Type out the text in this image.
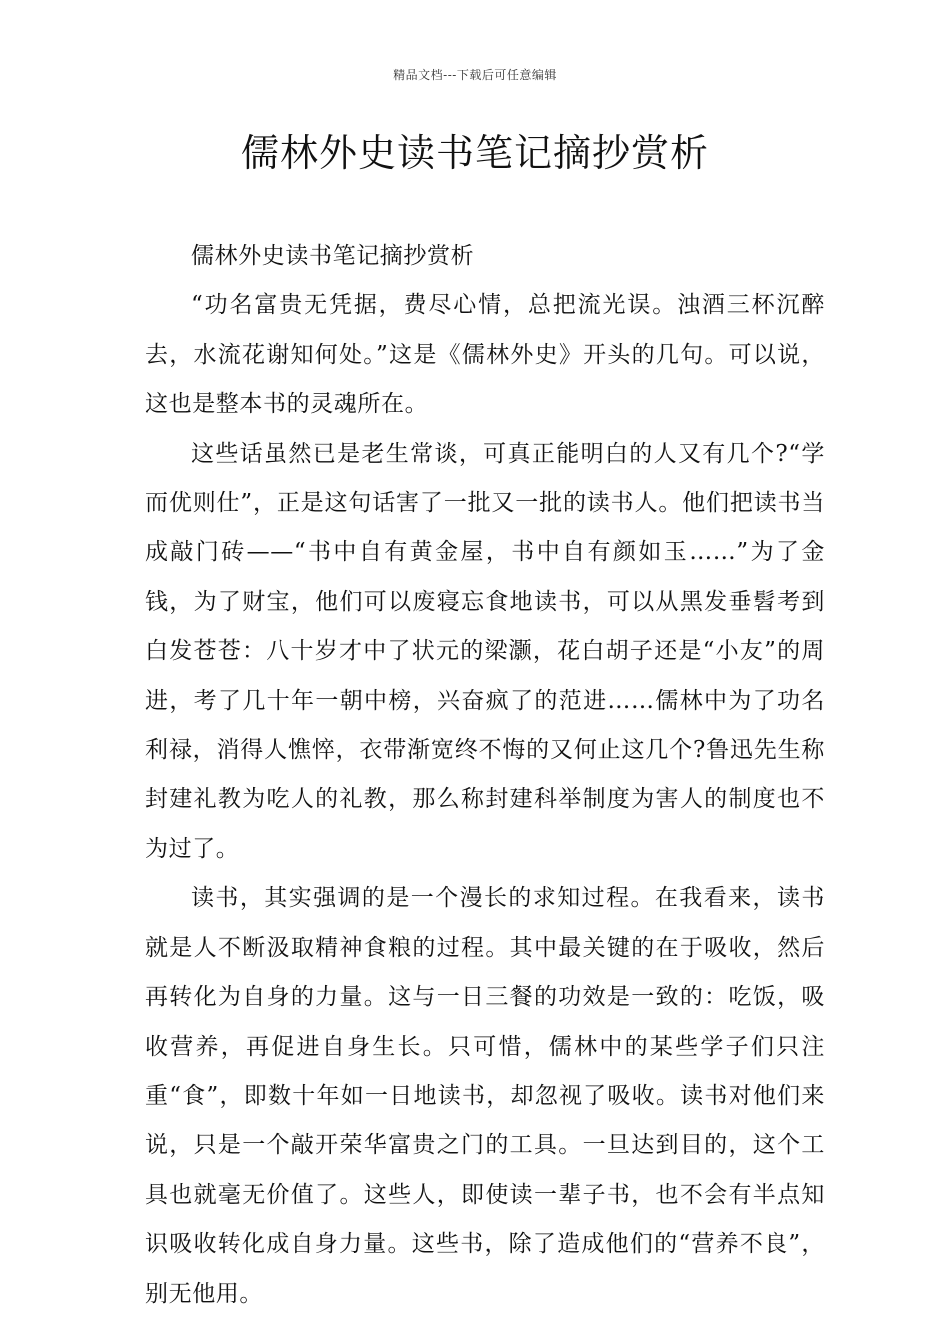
精品文档---下载后可任意编辑
儒林外史读书笔记摘抄赏析

儒林外史读书笔记摘抄赏析

“功名富贵无凭据，费尽心情，总把流光误。浊酒三杯沉醉去，水流花谢知何处。”这是《儒林外史》开头的几句。可以说，这也是整本书的灵魂所在。

这些话虽然已是老生常谈，可真正能明白的人又有几个?“学而优则仕”，正是这句话害了一批又一批的读书人。他们把读书当成敲门砖——“书中自有黄金屋，书中自有颜如玉……”为了金钱，为了财宝，他们可以废寝忘食地读书，可以从黑发垂髫考到白发苍苍：八十岁才中了状元的梁灏，花白胡子还是“小友”的周进，考了几十年一朝中榜，兴奋疯了的范进……儒林中为了功名利禄，消得人憔悴，衣带渐宽终不悔的又何止这几个?鲁迅先生称封建礼教为吃人的礼教，那么称封建科举制度为害人的制度也不为过了。

读书，其实强调的是一个漫长的求知过程。在我看来，读书就是人不断汲取精神食粮的过程。其中最关键的在于吸收，然后再转化为自身的力量。这与一日三餐的功效是一致的：吃饭，吸收营养，再促进自身生长。只可惜，儒林中的某些学子们只注重“食”，即数十年如一日地读书，却忽视了吸收。读书对他们来说，只是一个敲开荣华富贵之门的工具。一旦达到目的，这个工具也就毫无价值了。这些人，即使读一辈子书，也不会有半点知识吸收转化成自身力量。这些书，除了造成他们的“营养不良”，别无他用。
